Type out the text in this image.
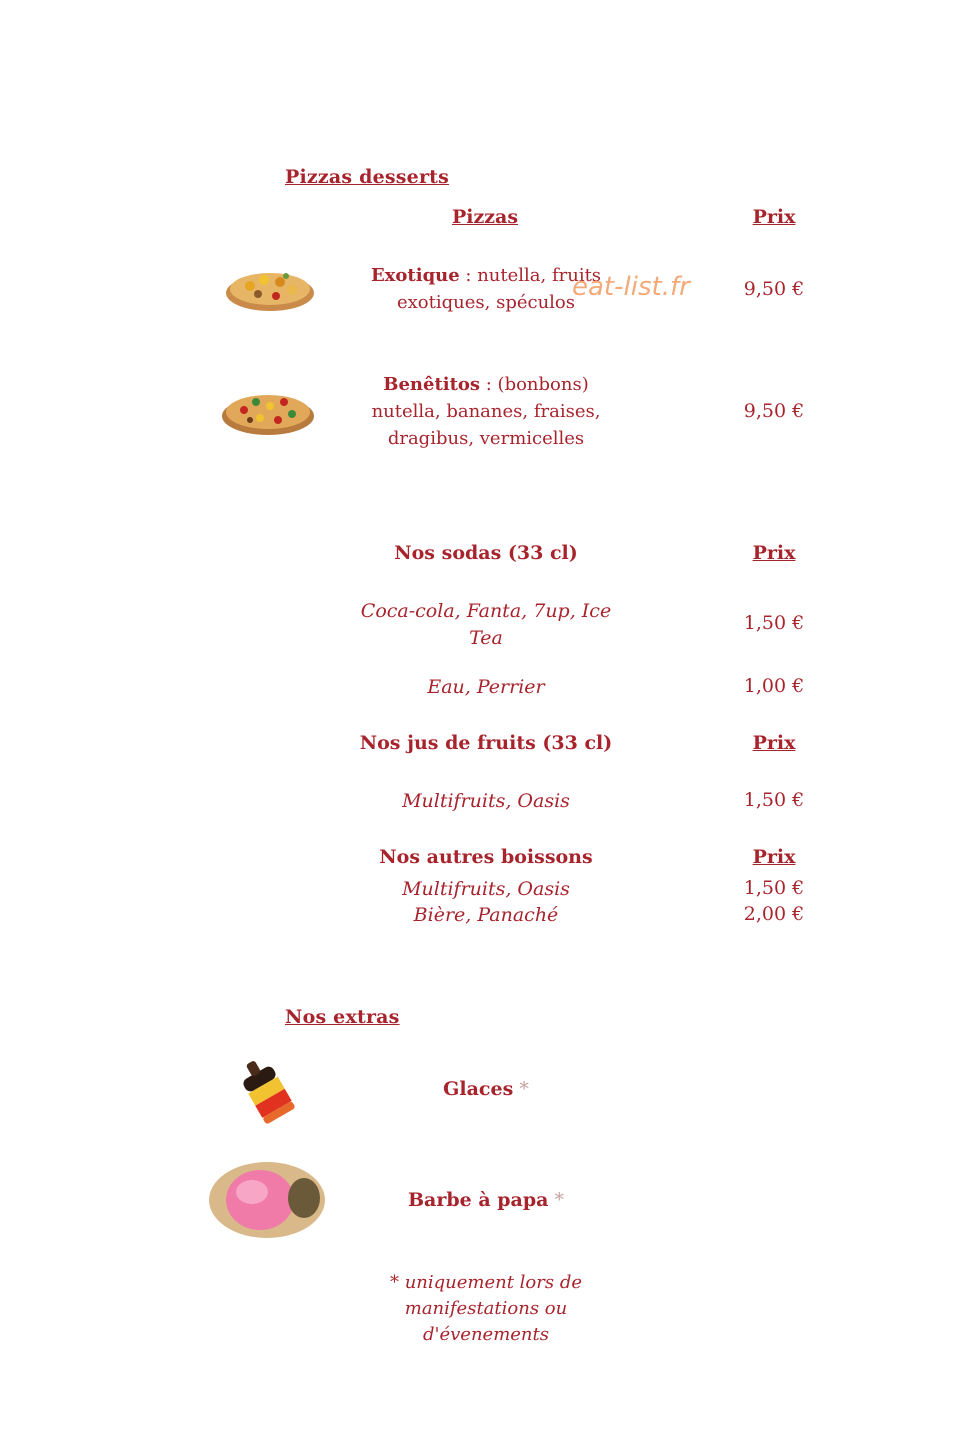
Pizzas desserts
Pizzas	Prix
Exotique : nutella, fruits
exotiques, spéculos
9,50 €
eat-list.fr
Benêtitos : (bonbons)
nutella, bananes, fraises,
dragibus, vermicelles
9,50 €
Nos sodas (33 cl)	Prix
Coca-cola, Fanta, 7up, Ice
Tea
1,50 €
Eau, Perrier	1,00 €
Nos jus de fruits (33 cl)	Prix
Multifruits, Oasis	1,50 €
Nos autres boissons	Prix
Multifruits, Oasis	1,50 €
Bière, Panaché	2,00 €
Nos extras
Glaces *
Barbe à papa *
* uniquement lors de
manifestations ou
d'évenements
